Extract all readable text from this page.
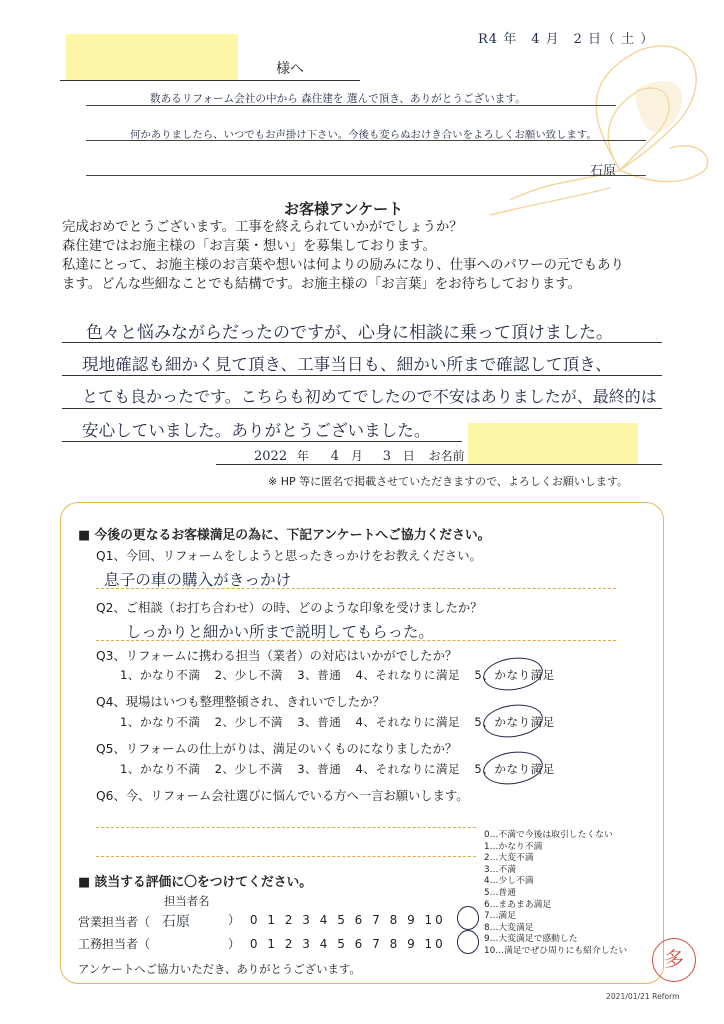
R4 年　4 月　2 日（ 土 ）
様へ
数あるリフォーム会社の中から 森住建を 選んで頂き、ありがとうございます。
何かありましたら、いつでもお声掛け下さい。今後も変らぬおけき合いをよろしくお願い致します。
石原
お客様アンケート
完成おめでとうございます。工事を終えられていかがでしょうか？
森住建ではお施主様の「お言葉・想い」を募集しております。
私達にとって、お施主様のお言葉や想いは何よりの励みになり、仕事へのパワーの元でもあり
ます。どんな些細なことでも結構です。お施主様の「お言葉」をお待ちしております。
色々と悩みながらだったのですが、心身に相談に乗って頂けました。
現地確認も細かく見て頂き、工事当日も、細かい所まで確認して頂き、
とても良かったです。こちらも初めてでしたので不安はありましたが、最終的は
安心していました。ありがとうございました。
2022 年 4 月 3 日 お名前
※ HP 等に匿名で掲載させていただきますので、よろしくお願いします。
■ 今後の更なるお客様満足の為に、下記アンケートへご協力ください。
Q1、今回、リフォームをしようと思ったきっかけをお教えください。
息子の車の購入がきっかけ
Q2、ご相談（お打ち合わせ）の時、どのような印象を受けましたか？
しっかりと細かい所まで説明してもらった。
Q3、リフォームに携わる担当（業者）の対応はいかがでしたか？
1、かなり不満 2、少し不満 3、普通 4、それなりに満足 5、かなり満足
Q4、現場はいつも整理整頓され、きれいでしたか？
1、かなり不満 2、少し不満 3、普通 4、それなりに満足 5、かなり満足
Q5、リフォームの仕上がりは、満足のいくものになりましたか？
1、かなり不満 2、少し不満 3、普通 4、それなりに満足 5、かなり満足
Q6、今、リフォーム会社選びに悩んでいる方へ一言お願いします。
0…不満で今後は取引したくない
1…かなり不満
2…大変不満
3…不満
4…少し不満
5…普通
6…まあまあ満足
7…満足
8…大変満足
9…大変満足で感動した
10…満足でぜひ周りにも紹介したい
■ 該当する評価に〇をつけてください。
担当者名
営業担当者（ 石原	） 0 1 2 3 4 5 6 7 8 9 10
工務担当者（	） 0 1 2 3 4 5 6 7 8 9 10
アンケートへご協力いただき、ありがとうございます。	多
2021/01/21 Reform
